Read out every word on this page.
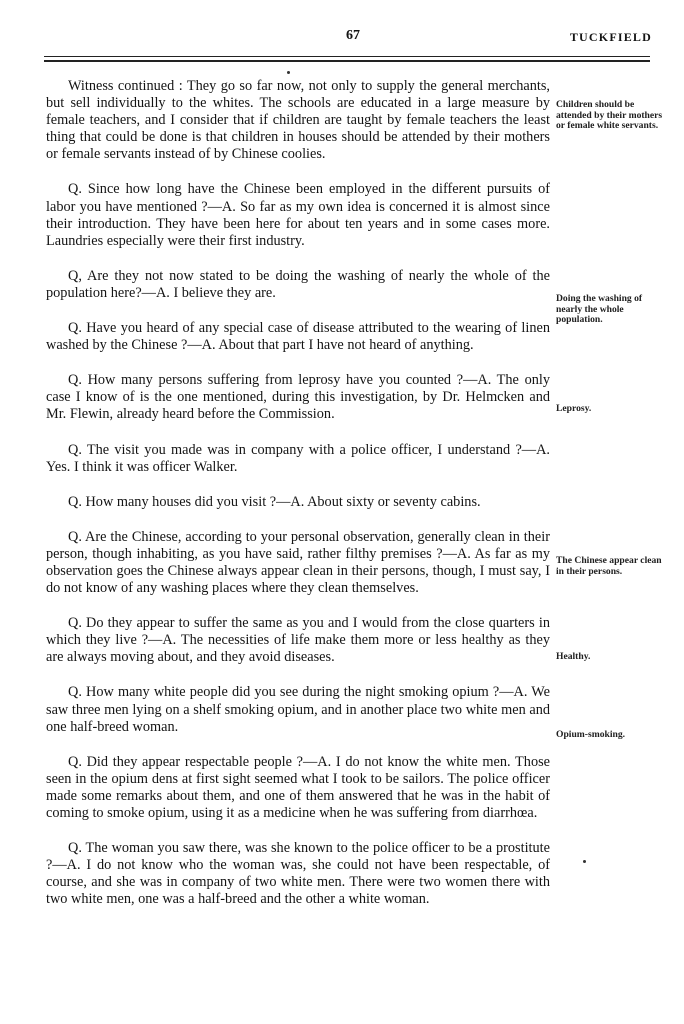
67	TUCKFIELD

Witness continued : They go so far now, not only to supply the general merchants, but sell individually to the whites. The schools are educated in a large measure by female teachers, and I consider that if children are taught by female teachers the least thing that could be done is that children in houses should be attended by their mothers or female servants instead of by Chinese coolies.

Q. Since how long have the Chinese been employed in the different pursuits of labor you have mentioned ?—A. So far as my own idea is concerned it is almost since their introduction. They have been here for about ten years and in some cases more. Laundries especially were their first industry.

Q, Are they not now stated to be doing the washing of nearly the whole of the population here?—A. I believe they are.

Q. Have you heard of any special case of disease attributed to the wearing of linen washed by the Chinese ?—A. About that part I have not heard of anything.

Q. How many persons suffering from leprosy have you counted ?—A. The only case I know of is the one mentioned, during this investigation, by Dr. Helmcken and Mr. Flewin, already heard before the Commission.

Q. The visit you made was in company with a police officer, I understand ?—A. Yes. I think it was officer Walker.

Q. How many houses did you visit ?—A. About sixty or seventy cabins.

Q. Are the Chinese, according to your personal observation, generally clean in their person, though inhabiting, as you have said, rather filthy premises ?—A. As far as my observation goes the Chinese always appear clean in their persons, though, I must say, I do not know of any washing places where they clean themselves.

Q. Do they appear to suffer the same as you and I would from the close quarters in which they live ?—A. The necessities of life make them more or less healthy as they are always moving about, and they avoid diseases.

Q. How many white people did you see during the night smoking opium ?—A. We saw three men lying on a shelf smoking opium, and in another place two white men and one half-breed woman.

Q. Did they appear respectable people ?—A. I do not know the white men. Those seen in the opium dens at first sight seemed what I took to be sailors. The police officer made some remarks about them, and one of them answered that he was in the habit of coming to smoke opium, using it as a medicine when he was suffering from diarrhœa.

Q. The woman you saw there, was she known to the police officer to be a prostitute ?—A. I do not know who the woman was, she could not have been respectable, of course, and she was in company of two white men. There were two women there with two white men, one was a half-breed and the other a white woman.

Children should be attended by their mothers or female white servants.
Doing the washing of nearly the whole population.
Leprosy.
The Chinese appear clean in their persons.
Healthy.
Opium-smoking.
